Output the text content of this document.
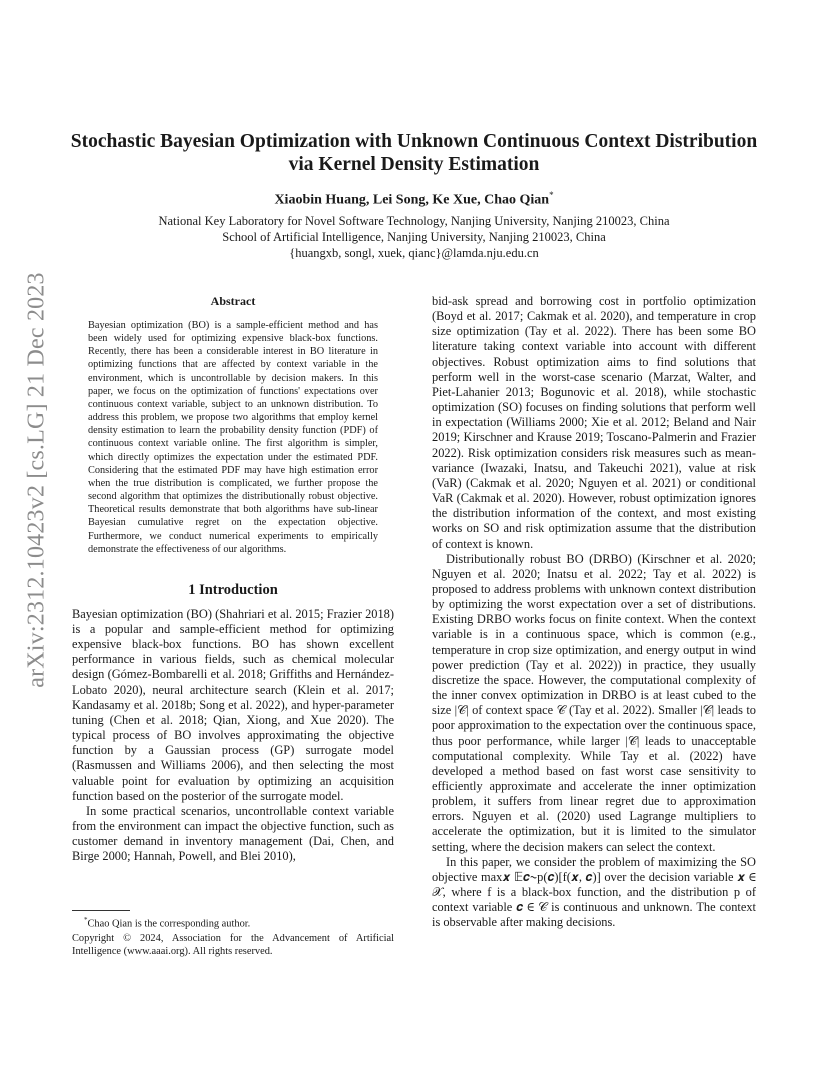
arXiv:2312.10423v2 [cs.LG] 21 Dec 2023
Stochastic Bayesian Optimization with Unknown Continuous Context Distribution
via Kernel Density Estimation
Xiaobin Huang, Lei Song, Ke Xue, Chao Qian*
National Key Laboratory for Novel Software Technology, Nanjing University, Nanjing 210023, China
School of Artificial Intelligence, Nanjing University, Nanjing 210023, China
{huangxb, songl, xuek, qianc}@lamda.nju.edu.cn
Abstract

Bayesian optimization (BO) is a sample-efficient method and has been widely used for optimizing expensive black-box functions. Recently, there has been a considerable interest in BO literature in optimizing functions that are affected by context variable in the environment, which is uncontrollable by decision makers. In this paper, we focus on the optimization of functions' expectations over continuous context variable, subject to an unknown distribution. To address this problem, we propose two algorithms that employ kernel density estimation to learn the probability density function (PDF) of continuous context variable online. The first algorithm is simpler, which directly optimizes the expectation under the estimated PDF. Considering that the estimated PDF may have high estimation error when the true distribution is complicated, we further propose the second algorithm that optimizes the distributionally robust objective. Theoretical results demonstrate that both algorithms have sub-linear Bayesian cumulative regret on the expectation objective. Furthermore, we conduct numerical experiments to empirically demonstrate the effectiveness of our algorithms.

1 Introduction

Bayesian optimization (BO) (Shahriari et al. 2015; Frazier 2018) is a popular and sample-efficient method for optimizing expensive black-box functions. BO has shown excellent performance in various fields, such as chemical molecular design (Gómez-Bombarelli et al. 2018; Griffiths and Hernández-Lobato 2020), neural architecture search (Klein et al. 2017; Kandasamy et al. 2018b; Song et al. 2022), and hyper-parameter tuning (Chen et al. 2018; Qian, Xiong, and Xue 2020). The typical process of BO involves approximating the objective function by a Gaussian process (GP) surrogate model (Rasmussen and Williams 2006), and then selecting the most valuable point for evaluation by optimizing an acquisition function based on the posterior of the surrogate model.

In some practical scenarios, uncontrollable context variable from the environment can impact the objective function, such as customer demand in inventory management (Dai, Chen, and Birge 2000; Hannah, Powell, and Blei 2010),

*Chao Qian is the corresponding author.
Copyright © 2024, Association for the Advancement of Artificial Intelligence (www.aaai.org). All rights reserved.

bid-ask spread and borrowing cost in portfolio optimization (Boyd et al. 2017; Cakmak et al. 2020), and temperature in crop size optimization (Tay et al. 2022). There has been some BO literature taking context variable into account with different objectives. Robust optimization aims to find solutions that perform well in the worst-case scenario (Marzat, Walter, and Piet-Lahanier 2013; Bogunovic et al. 2018), while stochastic optimization (SO) focuses on finding solutions that perform well in expectation (Williams 2000; Xie et al. 2012; Beland and Nair 2019; Kirschner and Krause 2019; Toscano-Palmerin and Frazier 2022). Risk optimization considers risk measures such as mean-variance (Iwazaki, Inatsu, and Takeuchi 2021), value at risk (VaR) (Cakmak et al. 2020; Nguyen et al. 2021) or conditional VaR (Cakmak et al. 2020). However, robust optimization ignores the distribution information of the context, and most existing works on SO and risk optimization assume that the distribution of context is known.

Distributionally robust BO (DRBO) (Kirschner et al. 2020; Nguyen et al. 2020; Inatsu et al. 2022; Tay et al. 2022) is proposed to address problems with unknown context distribution by optimizing the worst expectation over a set of distributions. Existing DRBO works focus on finite context. When the context variable is in a continuous space, which is common (e.g., temperature in crop size optimization, and energy output in wind power prediction (Tay et al. 2022)) in practice, they usually discretize the space. However, the computational complexity of the inner convex optimization in DRBO is at least cubed to the size |𝒞| of context space 𝒞 (Tay et al. 2022). Smaller |𝒞| leads to poor approximation to the expectation over the continuous space, thus poor performance, while larger |𝒞| leads to unacceptable computational complexity. While Tay et al. (2022) have developed a method based on fast worst case sensitivity to efficiently approximate and accelerate the inner optimization problem, it suffers from linear regret due to approximation errors. Nguyen et al. (2020) used Lagrange multipliers to accelerate the optimization, but it is limited to the simulator setting, where the decision makers can select the context.

In this paper, we consider the problem of maximizing the SO objective max𝒙 𝔼𝒄∼p(𝒄)[f(𝒙, 𝒄)] over the decision variable 𝒙 ∈ 𝒳, where f is a black-box function, and the distribution p of context variable 𝒄 ∈ 𝒞 is continuous and unknown. The context is observable after making decisions.
